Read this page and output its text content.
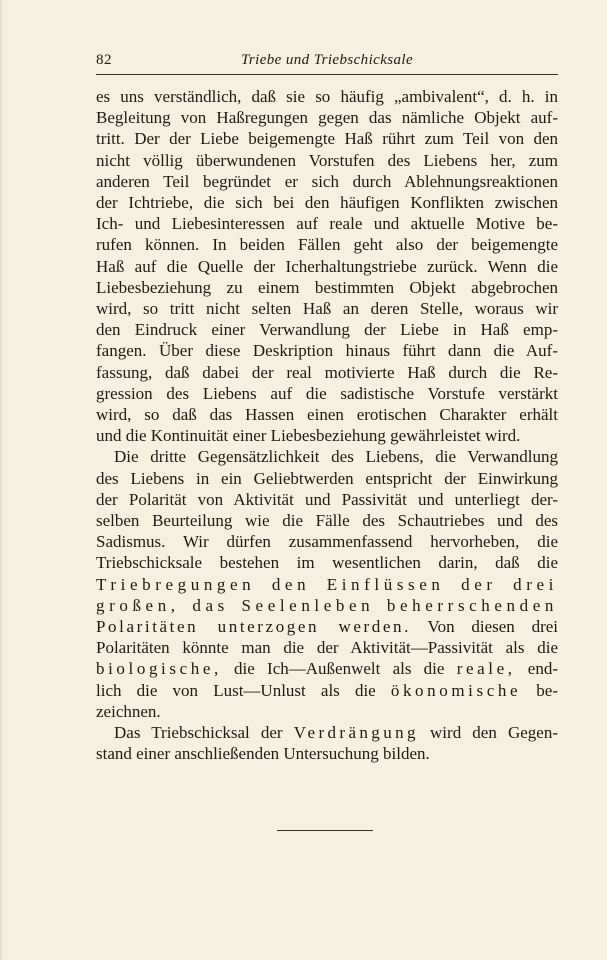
82	Triebe und Triebschicksale
es uns verständlich, daß sie so häufig „ambivalent“, d. h. in
Begleitung von Haßregungen gegen das nämliche Objekt auf-
tritt. Der der Liebe beigemengte Haß rührt zum Teil von den
nicht völlig überwundenen Vorstufen des Liebens her, zum
anderen Teil begründet er sich durch Ablehnungsreaktionen
der Ichtriebe, die sich bei den häufigen Konflikten zwischen
Ich- und Liebesinteressen auf reale und aktuelle Motive be-
rufen können. In beiden Fällen geht also der beigemengte
Haß auf die Quelle der Icherhaltungstriebe zurück. Wenn die
Liebesbeziehung zu einem bestimmten Objekt abgebrochen
wird, so tritt nicht selten Haß an deren Stelle, woraus wir
den Eindruck einer Verwandlung der Liebe in Haß emp-
fangen. Über diese Deskription hinaus führt dann die Auf-
fassung, daß dabei der real motivierte Haß durch die Re-
gression des Liebens auf die sadistische Vorstufe verstärkt
wird, so daß das Hassen einen erotischen Charakter erhält
und die Kontinuität einer Liebesbeziehung gewährleistet wird.
Die dritte Gegensätzlichkeit des Liebens, die Verwandlung
des Liebens in ein Geliebtwerden entspricht der Einwirkung
der Polarität von Aktivität und Passivität und unterliegt der-
selben Beurteilung wie die Fälle des Schautriebes und des
Sadismus. Wir dürfen zusammenfassend hervorheben, die
Triebschicksale bestehen im wesentlichen darin, daß die
Triebregungen den Einflüssen der drei
großen, das Seelenleben beherrschenden
Polaritäten unterzogen werden. Von diesen drei
Polaritäten könnte man die der Aktivität—Passivität als die
biologische, die Ich—Außenwelt als die reale, end-
lich die von Lust—Unlust als die ökonomische be-
zeichnen.
Das Triebschicksal der Verdrängung wird den Gegen-
stand einer anschließenden Untersuchung bilden.
